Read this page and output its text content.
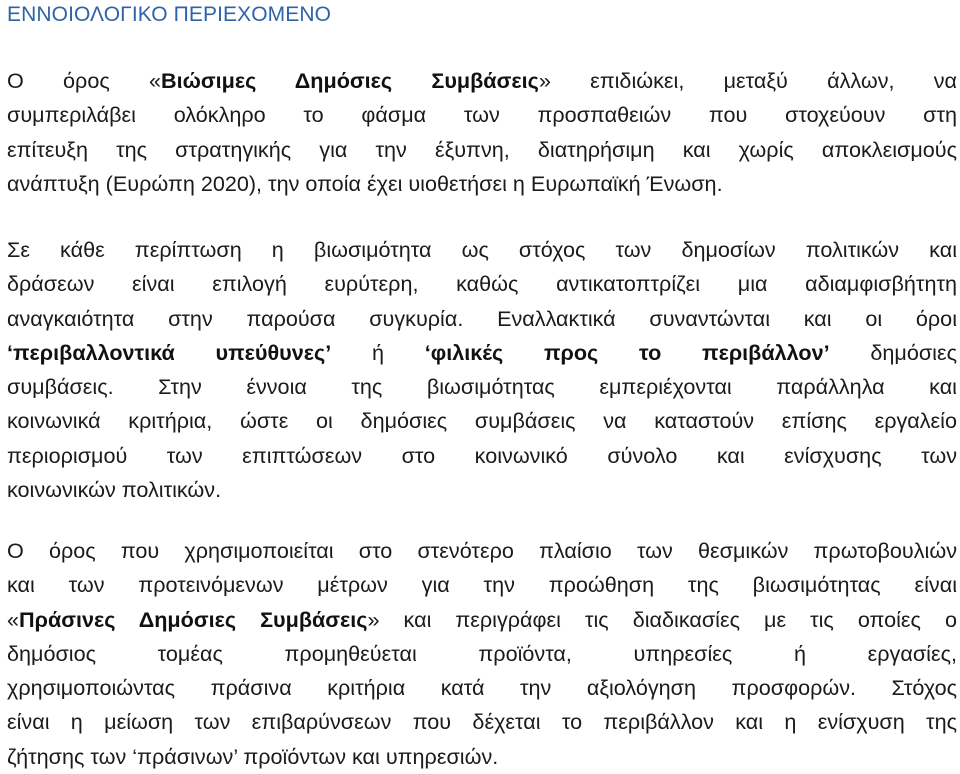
ΕΝΝΟΙΟΛΟΓΙΚΟ ΠΕΡΙΕΧΟΜΕΝΟ
Ο όρος «Βιώσιμες Δημόσιες Συμβάσεις» επιδιώκει, μεταξύ άλλων, να
συμπεριλάβει ολόκληρο το φάσμα των προσπαθειών που στοχεύουν στη
επίτευξη της στρατηγικής για την έξυπνη, διατηρήσιμη και χωρίς αποκλεισμούς
ανάπτυξη (Ευρώπη 2020), την οποία έχει υιοθετήσει η Ευρωπαϊκή Ένωση.
Σε κάθε περίπτωση η βιωσιμότητα ως στόχος των δημοσίων πολιτικών και
δράσεων είναι επιλογή ευρύτερη, καθώς αντικατοπτρίζει μια αδιαμφισβήτητη
αναγκαιότητα στην παρούσα συγκυρία. Εναλλακτικά συναντώνται και οι όροι
‘περιβαλλοντικά υπεύθυνες’ ή ‘φιλικές προς το περιβάλλον’ δημόσιες
συμβάσεις. Στην έννοια της βιωσιμότητας εμπεριέχονται παράλληλα και
κοινωνικά κριτήρια, ώστε οι δημόσιες συμβάσεις να καταστούν επίσης εργαλείο
περιορισμού των επιπτώσεων στο κοινωνικό σύνολο και ενίσχυσης των
κοινωνικών πολιτικών.
Ο όρος που χρησιμοποιείται στο στενότερο πλαίσιο των θεσμικών πρωτοβουλιών
και των προτεινόμενων μέτρων για την προώθηση της βιωσιμότητας είναι
«Πράσινες Δημόσιες Συμβάσεις» και περιγράφει τις διαδικασίες με τις οποίες ο
δημόσιος τομέας προμηθεύεται προϊόντα, υπηρεσίες ή εργασίες,
χρησιμοποιώντας πράσινα κριτήρια κατά την αξιολόγηση προσφορών. Στόχος
είναι η μείωση των επιβαρύνσεων που δέχεται το περιβάλλον και η ενίσχυση της
ζήτησης των ‘πράσινων’ προϊόντων και υπηρεσιών.
